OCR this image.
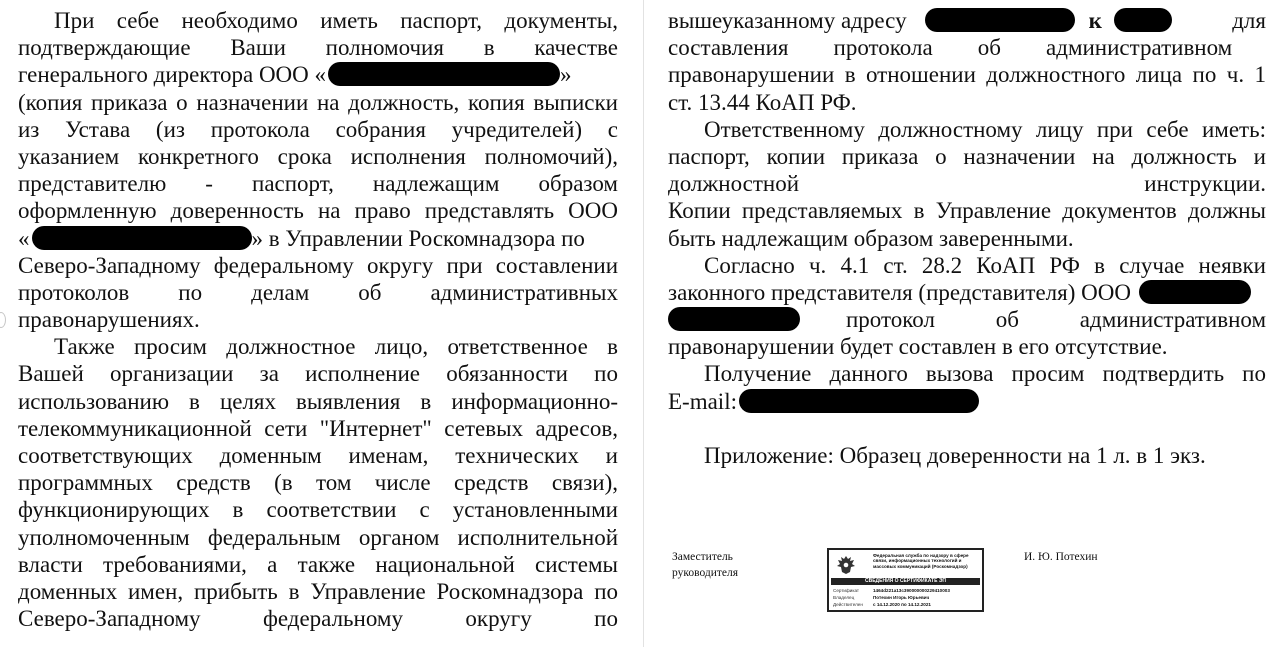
При себе необходимо иметь паспорт, документы,
подтверждающие Ваши полномочия в качестве
генерального директора ООО «	»
(копия приказа о назначении на должность, копия выписки
из Устава (из протокола собрания учредителей) с
указанием конкретного срока исполнения полномочий),
представителю - паспорт, надлежащим образом
оформленную доверенность на право представлять ООО
«	» в Управлении Роскомнадзора по
Северо-Западному федеральному округу при составлении
протоколов по делам об административных
правонарушениях.
Также просим должностное лицо, ответственное в
Вашей организации за исполнение обязанности по
использованию в целях выявления в информационно-
телекоммуникационной сети "Интернет" сетевых адресов,
соответствующих доменным именам, технических и
программных средств (в том числе средств связи),
функционирующих в соответствии с установленными
уполномоченным федеральным органом исполнительной
власти требованиями, а также национальной системы
доменных имен, прибыть в Управление Роскомнадзора по
Северо-Западному федеральному округу по
вышеуказанному адресу	к	для
составления протокола об административном
правонарушении в отношении должностного лица по ч. 1
ст. 13.44 КоАП РФ.
Ответственному должностному лицу при себе иметь:
паспорт, копии приказа о назначении на должность и
должностной инструкции.
Копии представляемых в Управление документов должны
быть надлежащим образом заверенными.
Согласно ч. 4.1 ст. 28.2 КоАП РФ в случае неявки
законного представителя (представителя) ООО
протокол об административном
правонарушении будет составлен в его отсутствие.
Получение данного вызова просим подтвердить по
E-mail:
Приложение: Образец доверенности на 1 л. в 1 экз.
Заместитель
руководителя
Федеральная служба по надзору в сфере связи, информационных технологий и массовых коммуникаций (Роскомнадзор)
СВЕДЕНИЯ О СЕРТИФИКАТЕ ЭП
Сертификат	1464d221a13c390000000229410003
Владелец	Потехин Игорь Юрьевич
Действителен с 14.12.2020 по 14.12.2021
И. Ю. Потехин
